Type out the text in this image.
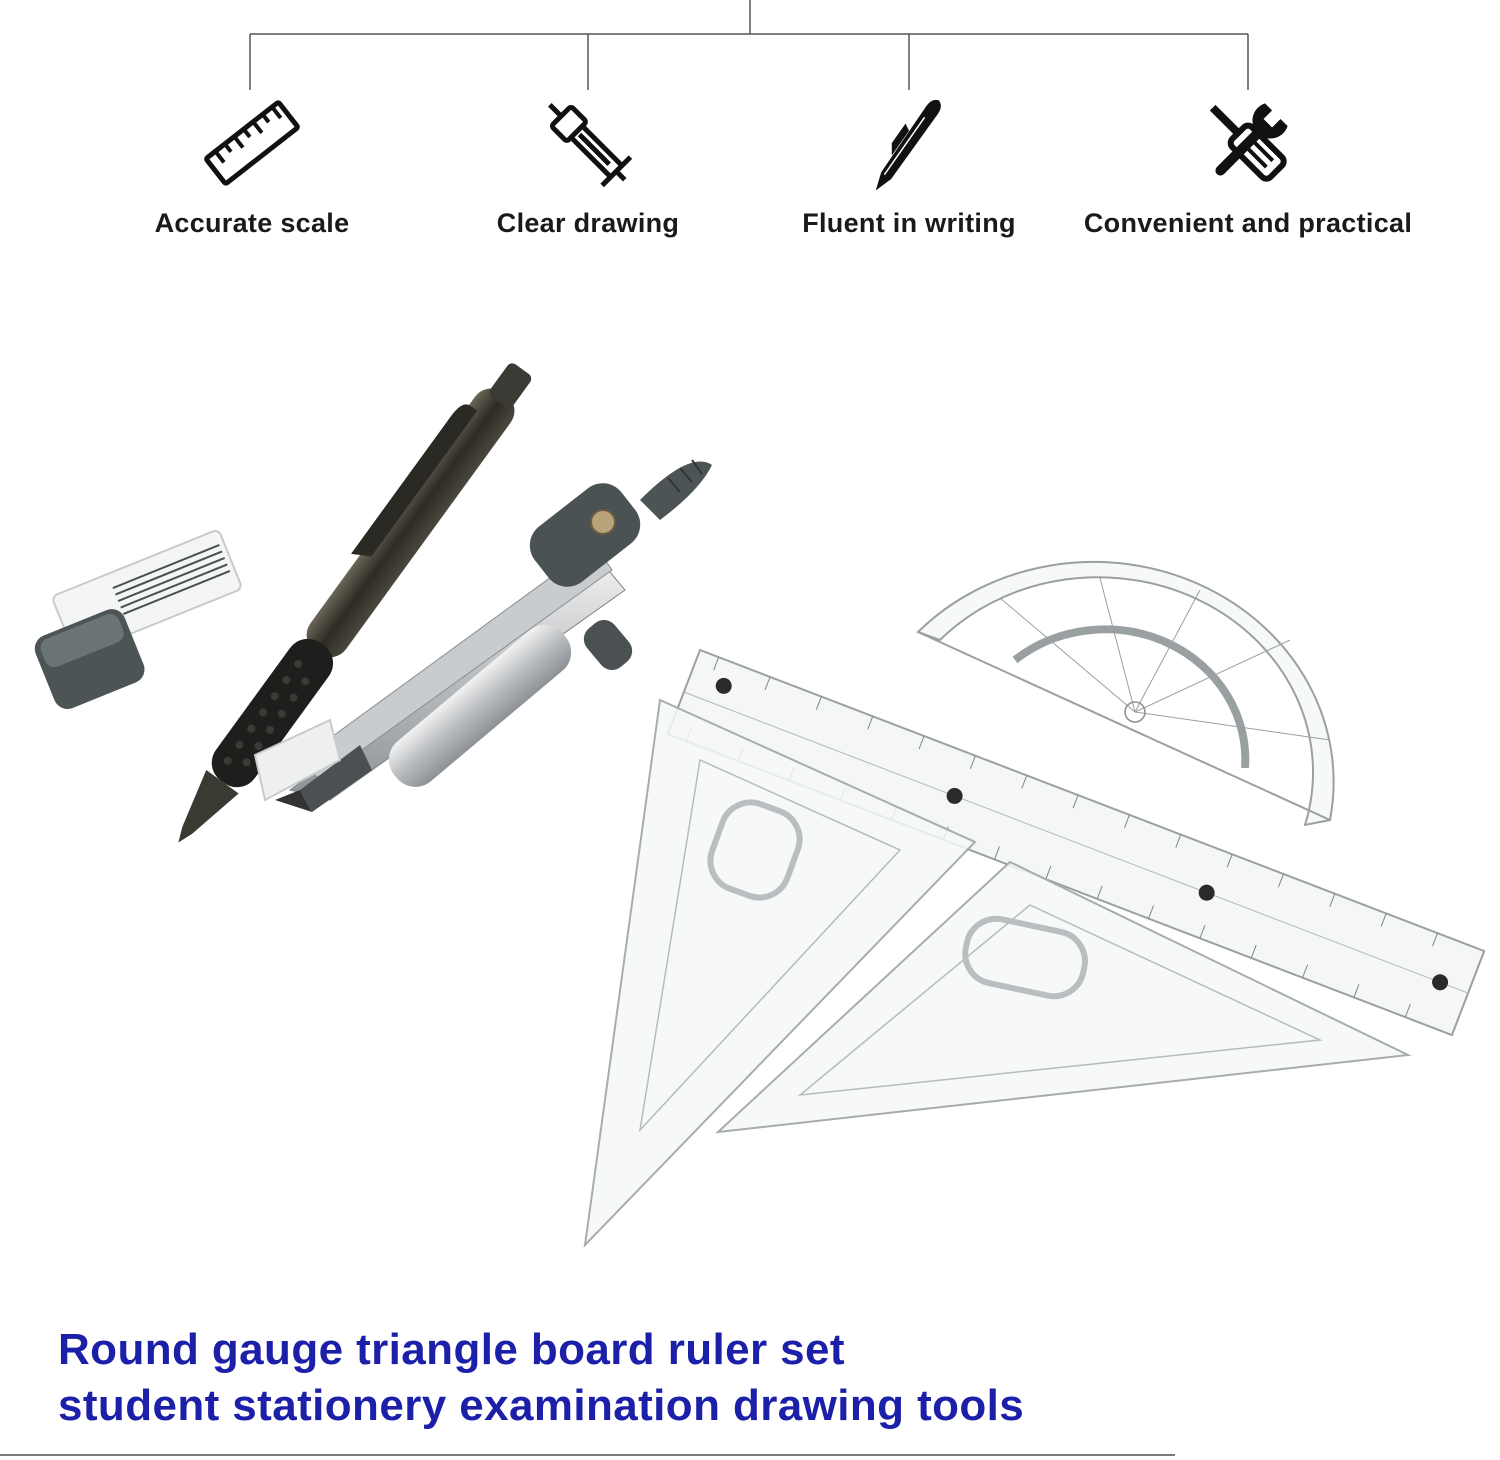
Accurate scale	Clear drawing	Fluent in writing	Convenient and practical
Round gauge triangle board ruler set
student stationery examination drawing tools
